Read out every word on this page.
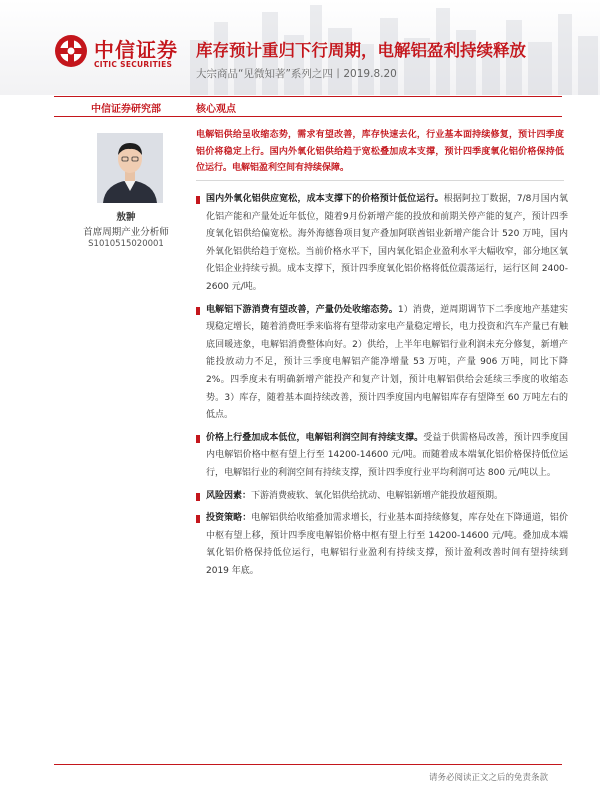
中信证券
CITIC SECURITIES
库存预计重归下行周期，电解铝盈利持续释放
大宗商品“见微知著”系列之四丨2019.8.20
中信证券研究部	核心观点
敖翀
首席周期产业分析师
S1010515020001
电解铝供给呈收缩态势，需求有望改善，库存快速去化，行业基本面持续修复，预计四季度铝价将稳定上行。国内外氧化铝供给趋于宽松叠加成本支撑，预计四季度氧化铝价格保持低位运行。电解铝盈利空间有持续保障。
国内外氧化铝供应宽松，成本支撑下的价格预计低位运行。根据阿拉丁数据，7/8月国内氧化铝产能和产量处近年低位，随着9月份新增产能的投放和前期关停产能的复产，预计四季度氧化铝供给偏宽松。海外海德鲁项目复产叠加阿联酋铝业新增产能合计 520 万吨，国内外氧化铝供给趋于宽松。当前价格水平下，国内氧化铝企业盈利水平大幅收窄，部分地区氧化铝企业持续亏损。成本支撑下，预计四季度氧化铝价格将低位震荡运行，运行区间 2400-2600 元/吨。
电解铝下游消费有望改善，产量仍处收缩态势。1）消费，逆周期调节下二季度地产基建实现稳定增长，随着消费旺季来临将有望带动家电产量稳定增长，电力投资和汽车产量已有触底回暖迹象，电解铝消费整体向好。2）供给，上半年电解铝行业利润未充分修复，新增产能投放动力不足，预计三季度电解铝产能净增量 53 万吨，产量 906 万吨，同比下降 2%。四季度未有明确新增产能投产和复产计划，预计电解铝供给会延续三季度的收缩态势。3）库存，随着基本面持续改善，预计四季度国内电解铝库存有望降至 60 万吨左右的低点。
价格上行叠加成本低位，电解铝利润空间有持续支撑。受益于供需格局改善，预计四季度国内电解铝价格中枢有望上行至 14200-14600 元/吨。而随着成本端氧化铝价格保持低位运行，电解铝行业的利润空间有持续支撑，预计四季度行业平均利润可达 800 元/吨以上。
风险因素：下游消费疲软、氧化铝供给扰动、电解铝新增产能投放超预期。
投资策略：电解铝供给收缩叠加需求增长，行业基本面持续修复，库存处在下降通道，铝价中枢有望上移，预计四季度电解铝价格中枢有望上行至 14200-14600 元/吨。叠加成本端氧化铝价格保持低位运行，电解铝行业盈利有持续支撑，预计盈利改善时间有望持续到 2019 年底。
请务必阅读正文之后的免责条款
